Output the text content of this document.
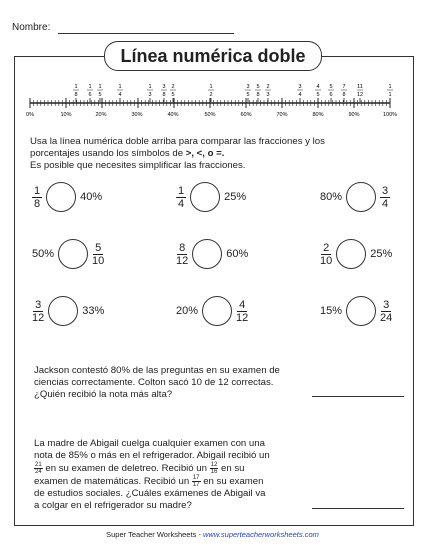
Nombre:
Línea numérica doble
0%	10%	20%	30%	40%	50%	60%	70%	80%	90%	100%
1
8
1
6
1
5
1
4
1
3
3
8
2
5
1
2
3
5
5
8
2
3
3
4
4
5
5
6
7
8
11
12
1
1
Usa la línea numérica doble arriba para comparar las fracciones y los
porcentajes usando los símbolos de >, <, o =.
Es posible que necesites simplificar las fracciones.
$\frac{1}{8}$	40%	$\frac{1}{4}$	25%	80%	$\frac{3}{4}$
50%	$\frac{5}{10}$	$\frac{8}{12}$	60%	$\frac{2}{10}$	25%
$\frac{3}{12}$	33%	20%	$\frac{4}{12}$	15%	$\frac{3}{24}$
Jackson contestó 80% de las preguntas en su examen de
ciencias correctamente. Colton sacó 10 de 12 correctas.
¿Quién recibió la nota más alta?
La madre de Abigail cuelga cualquier examen con una
nota de 85% o más en el refrigerador. Abigail recibió un
$\frac{21}{24}$ en su examen de deletreo. Recibió un $\frac{12}{16}$ en su
examen de matemáticas. Recibió un $\frac{17}{17}$ en su examen
de estudios sociales. ¿Cuáles exámenes de Abigail va
a colgar en el refrigerador su madre?
Super Teacher Worksheets - www.superteacherworksheets.com
